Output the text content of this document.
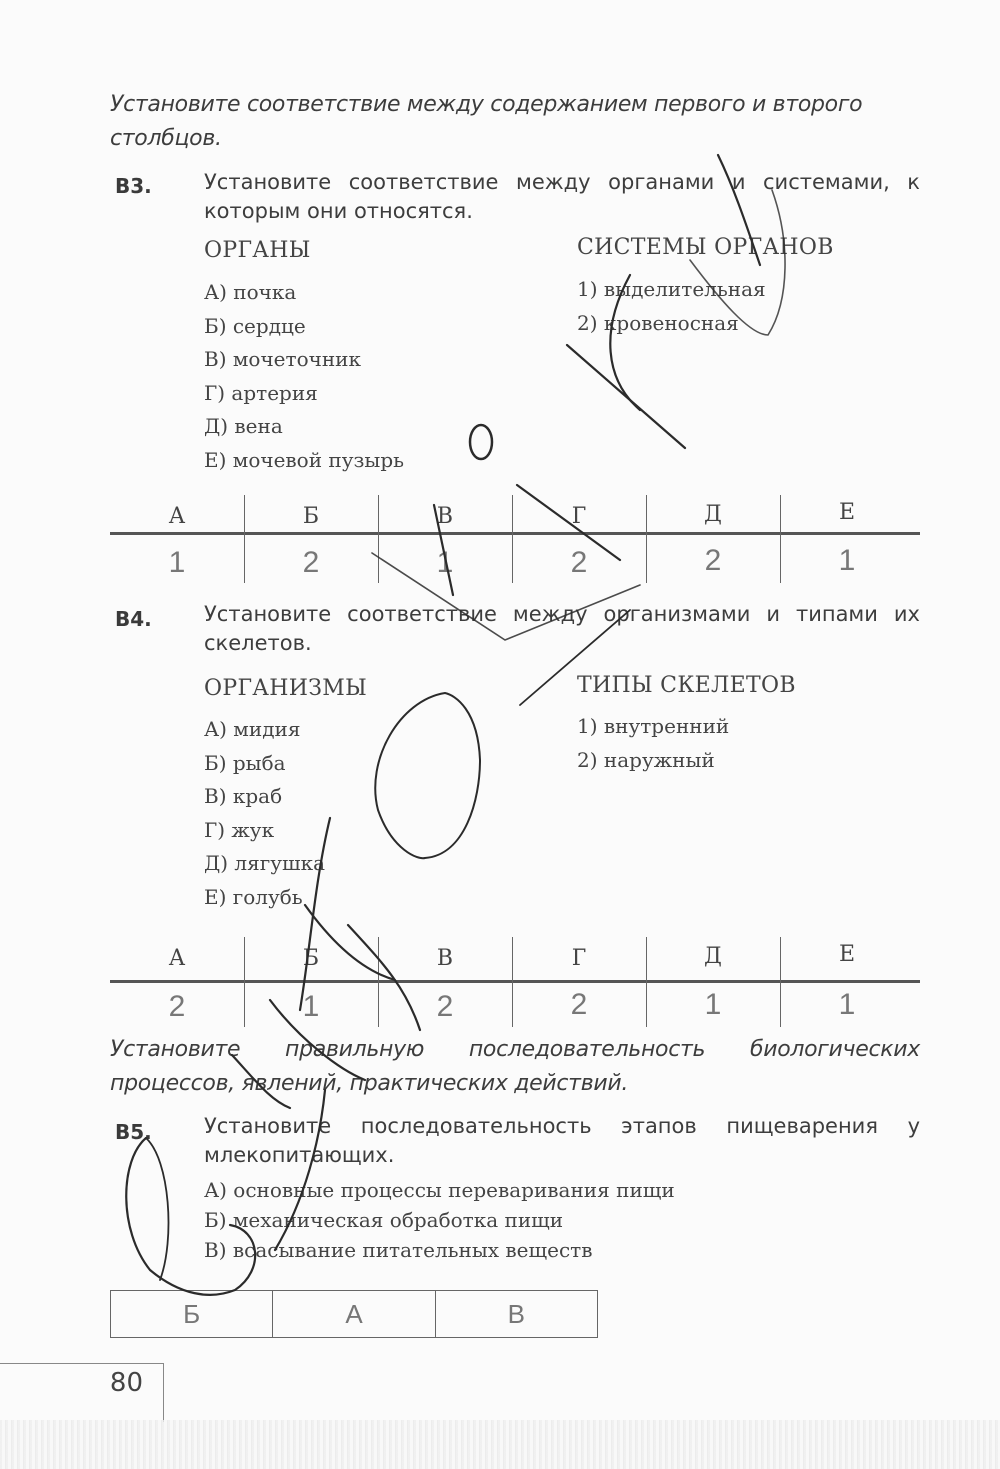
Установите соответствие между содержанием первого и второго столбцов.
В3. Установите соответствие между органами и системами, к которым они относятся.
ОРГАНЫ	СИСТЕМЫ ОРГАНОВ
А) почка
Б) сердце
В) мочеточник
Г) артерия
Д) вена
Е) мочевой пузырь
1) выделительная
2) кровеносная
А	Б	В	Г	Д	Е
1	2	1	2	2	1
В4. Установите соответствие между организмами и типами их скелетов.
ОРГАНИЗМЫ	ТИПЫ СКЕЛЕТОВ
А) мидия
Б) рыба
В) краб
Г) жук
Д) лягушка
Е) голубь
1) внутренний
2) наружный
А	Б	В	Г	Д	Е
2	1	2	2	1	1
Установите правильную последовательность биологических процессов, явлений, практических действий.
В5. Установите последовательность этапов пищеварения у млекопитающих.
А) основные процессы переваривания пищи
Б) механическая обработка пищи
В) всасывание питательных веществ
Б	А	В
80
